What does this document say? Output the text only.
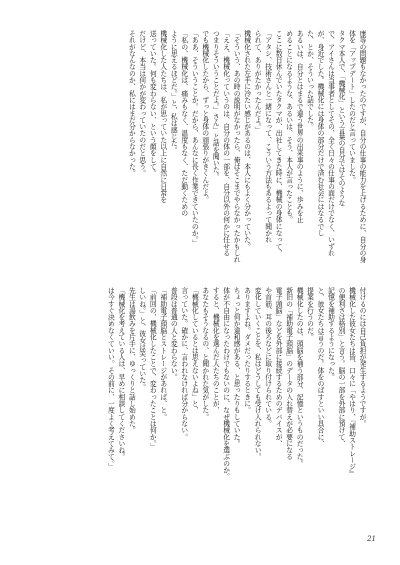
康等の問題もなかったのですが、自分の仕事の能力を上げるために、自分の身
体を「アップデート」したのだと言っていました。
タクマ本人で、「機械化」という言葉の自分ではそのような
で、アイさんは当事者としてその、全く日々の仕事の面だけでなく、いずれ
が、身近でした。機械化には身体の部分だけで済む社会にはなるでし
た、とか、そういった話でした。
あるいは、自分とはまるで違う世界の出来事のように、歩みを止
めることになるような、あるいは、そう、本人が言ったことも。
ここに数日休んでいたタクマが、出社してきた時に、機械の身体になって、
「アタシ、技術さんと一緒になって、こういう方法もあるよって聞かれ
られて、ありがたかったんだよ。」
機械化された左手に冷たい感じがあるのは、本人にもよく分かっていた。
「そういう、あの時の説明がなかったら、俺はそこまでやらなかったかもしれ
「ええ、機械化っていうのは、自分の体の一部を、自分以外の何かに任せる
つまりそういうことだよ。」さん」と話を聞いた。
でも機械化したから、ずっと身体の頑張りがきくんだよ。
「ああ、そういうことか。だから、あんなに長く作業できていたのか。」
「私の、機械化は、痛みもなく、温度もなく、ただ動くための
ように思えるほどだ。」と、私は感じた。
機械化した人たちは、私が思っていた以上に自然に日常を
送っていた。何も変わらない、という顔をして。
だけど、本当は何かが変わっていたのだと思う。
それがなんなのか、私にはまだ分からなかった。
付けるのには自己負担が発生するようですが。
機械化した彼女たちは皆、口々に「やはり、『補助ストレージ』
の便利さは格別」と言う。脳の一部を外部に預けて、
記憶を補助するようになった。
と、彼女たちは言うのだ。体をのばすといい具合に、
提案を行うのだ。
機械化したのは、頭脳を補う部分、記憶というものだった。
新旧の「補助電子頭脳」のデータの入れ替えが必要になる
電子頭脳」などを外部に接続するためのデバイスが、
や首筋、耳の後ろなどに取り付けられている。
変化していくことを、私はどうしても受け入れられない。
ありますよね。ダメだったりするときに。
ちょっと何か違和感がある、と思ったりもしていた。
体が不自由になったわけでもないのに、なぜ機械化を選ぶのか。
すると、機械化を選んだ人たちのことが、
あなたもそうなるの、と聞かれた気がした。
「機械化しているとは思えないよね」と、
言っていた。確かに、言われなければ分からない。
普段は普通の人と変わらない。
「補助電子頭脳とストレージがあれば、と。
「前回の、機械化したことで、変わったことは何か。」
しいね。」と、彼女は笑っていた。
先生は湯飲みを片手に、ゆっくりと話し始めた。
「機械化を考えている人は、早めに相談してくださいね。
は今すぐ決めなくていい。その前に、一度よく考えてみて。」
21
